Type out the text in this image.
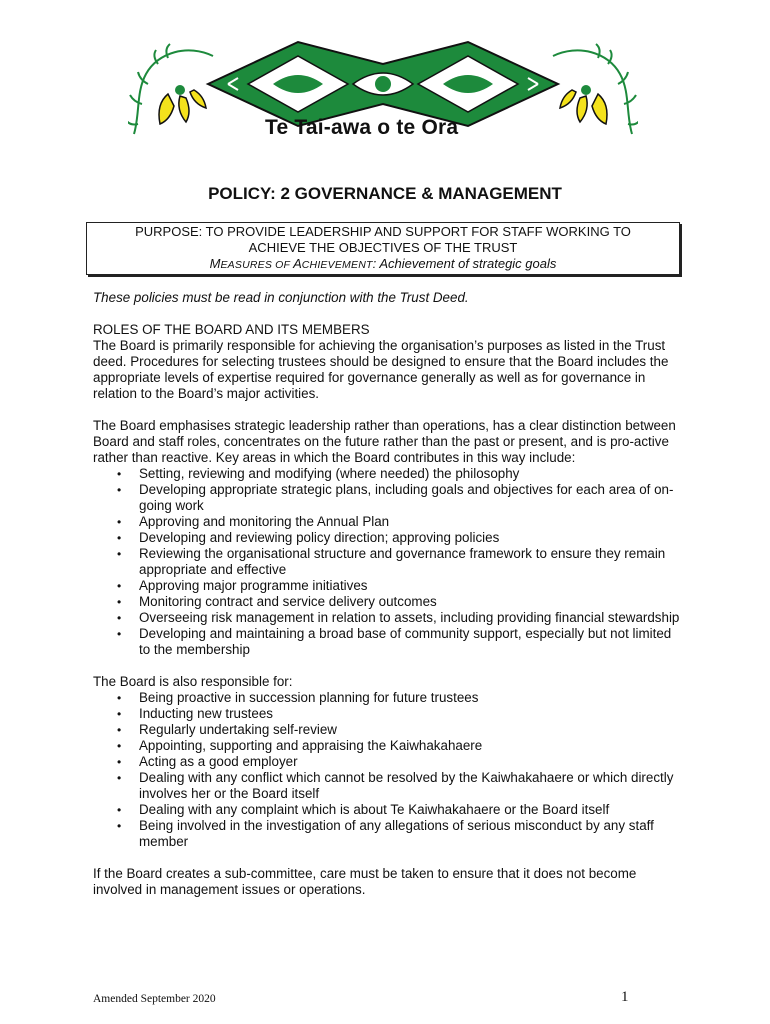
Te Tai-awa o te Ora
POLICY: 2 GOVERNANCE & MANAGEMENT
PURPOSE: TO PROVIDE LEADERSHIP AND SUPPORT FOR STAFF WORKING TO
ACHIEVE THE OBJECTIVES OF THE TRUST
MEASURES OF ACHIEVEMENT: Achievement of strategic goals

These policies must be read in conjunction with the Trust Deed.

ROLES OF THE BOARD AND ITS MEMBERS

The Board is primarily responsible for achieving the organisation’s purposes as listed in the Trust deed. Procedures for selecting trustees should be designed to ensure that the Board includes the appropriate levels of expertise required for governance generally as well as for governance in relation to the Board’s major activities.

The Board emphasises strategic leadership rather than operations, has a clear distinction between Board and staff roles, concentrates on the future rather than the past or present, and is pro-active rather than reactive. Key areas in which the Board contributes in this way include:

• Setting, reviewing and modifying (where needed) the philosophy
• Developing appropriate strategic plans, including goals and objectives for each area of on-going work
• Approving and monitoring the Annual Plan
• Developing and reviewing policy direction; approving policies
• Reviewing the organisational structure and governance framework to ensure they remain appropriate and effective
• Approving major programme initiatives
• Monitoring contract and service delivery outcomes
• Overseeing risk management in relation to assets, including providing financial stewardship
• Developing and maintaining a broad base of community support, especially but not limited to the membership

The Board is also responsible for:

• Being proactive in succession planning for future trustees
• Inducting new trustees
• Regularly undertaking self-review
• Appointing, supporting and appraising the Kaiwhakahaere
• Acting as a good employer
• Dealing with any conflict which cannot be resolved by the Kaiwhakahaere or which directly involves her or the Board itself
• Dealing with any complaint which is about Te Kaiwhakahaere or the Board itself
• Being involved in the investigation of any allegations of serious misconduct by any staff member

If the Board creates a sub-committee, care must be taken to ensure that it does not become involved in management issues or operations.

Amended September 2020	1
